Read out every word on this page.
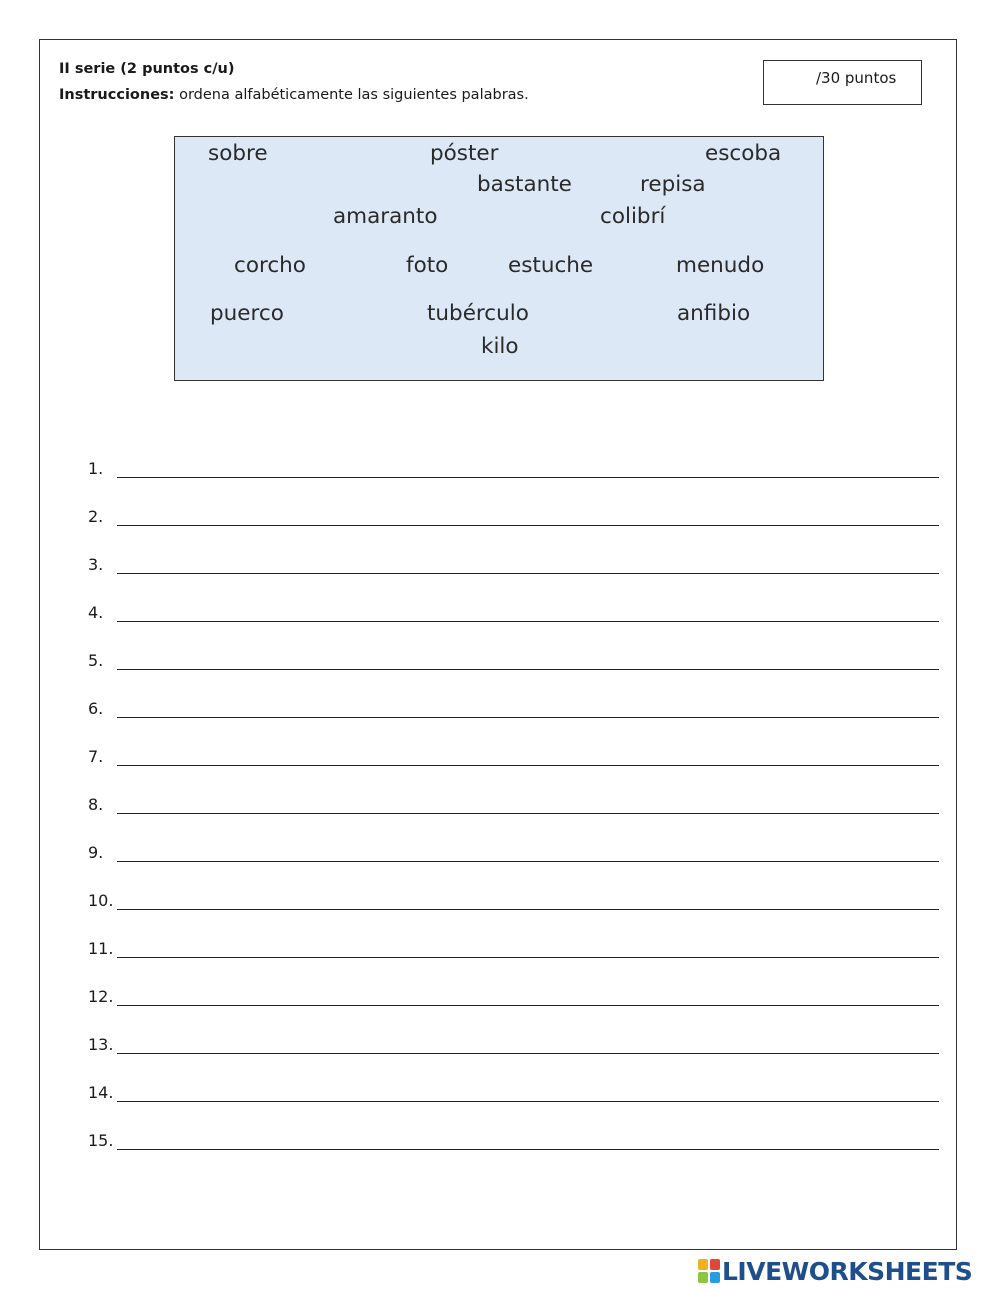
II serie (2 puntos c/u)
Instrucciones: ordena alfabéticamente las siguientes palabras.
/30 puntos
sobre	póster	escoba
bastante	repisa
amaranto	colibrí
corcho	foto	estuche	menudo
puerco	tubérculo	anfibio
kilo
1.
2.
3.
4.
5.
6.
7.
8.
9.
10.
11.
12.
13.
14.
15.
LIVEWORKSHEETS
